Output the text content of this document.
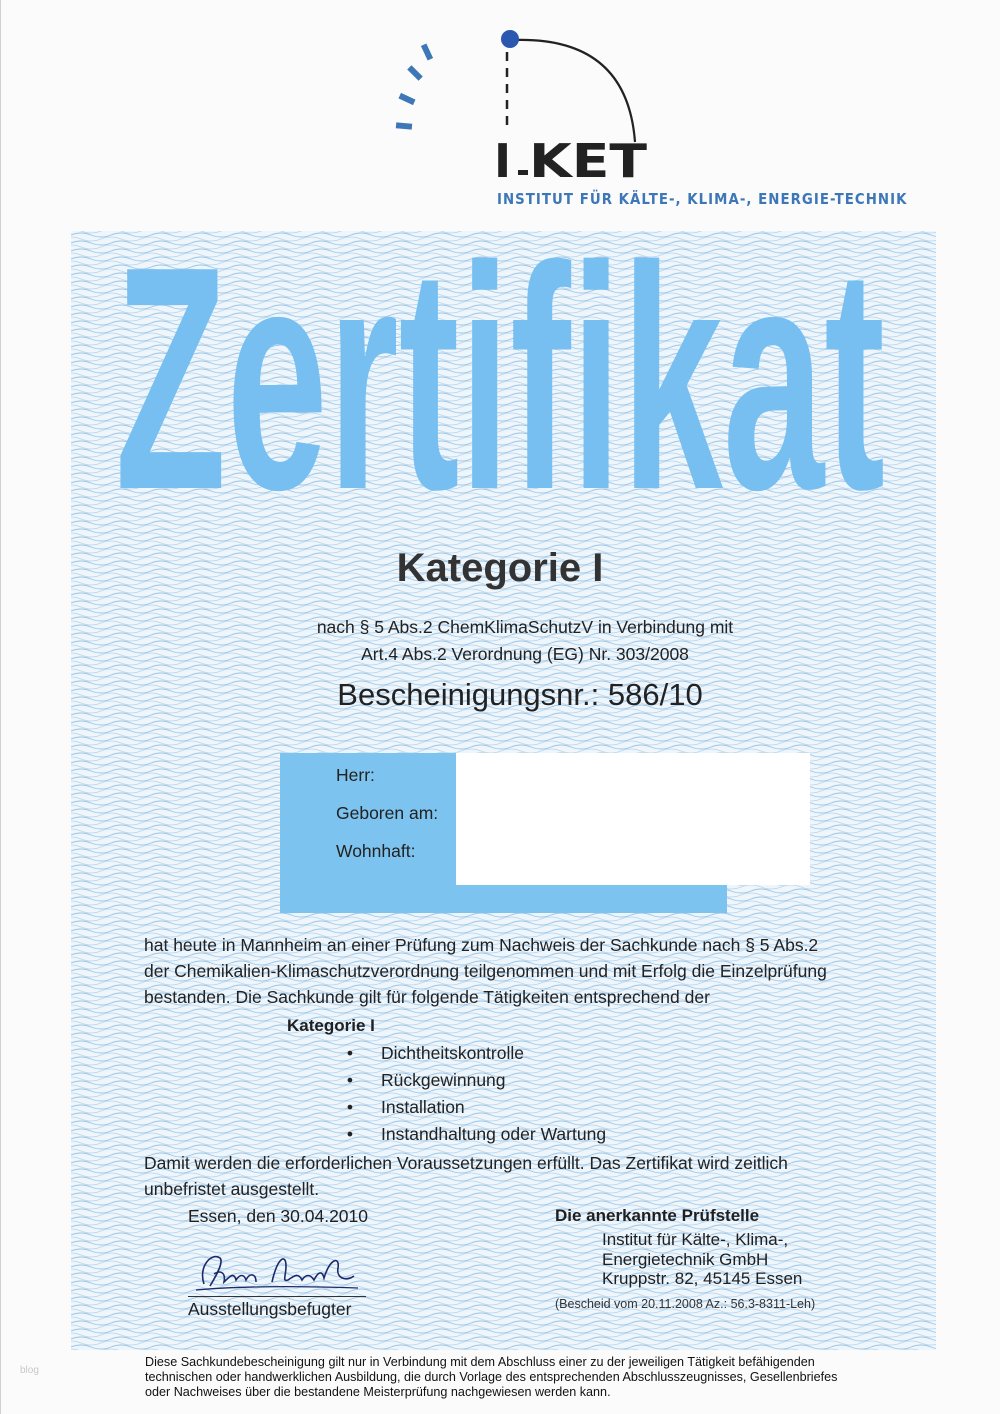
I KET
INSTITUT FÜR KÄLTE-, KLIMA-, ENERGIE-TECHNIK
Zertifikat
Kategorie I
nach § 5 Abs.2 ChemKlimaSchutzV in Verbindung mit
Art.4 Abs.2 Verordnung (EG) Nr. 303/2008
Bescheinigungsnr.: 586/10
Herr:
Geboren am:
Wohnhaft:

hat heute in Mannheim an einer Prüfung zum Nachweis der Sachkunde nach § 5 Abs.2

der Chemikalien-Klimaschutzverordnung teilgenommen und mit Erfolg die Einzelprüfung

bestanden. Die Sachkunde gilt für folgende Tätigkeiten entsprechend der

Kategorie I
• Dichtheitskontrolle
• Rückgewinnung
• Installation
• Instandhaltung oder Wartung

Damit werden die erforderlichen Voraussetzungen erfüllt. Das Zertifikat wird zeitlich

unbefristet ausgestellt.

Essen, den 30.04.2010
Ausstellungsbefugter
Die anerkannte Prüfstelle
Institut für Kälte-, Klima-,
Energietechnik GmbH
Kruppstr. 82, 45145 Essen
(Bescheid vom 20.11.2008 Az.: 56.3-8311-Leh)

Diese Sachkundebescheinigung gilt nur in Verbindung mit dem Abschluss einer zu der jeweiligen Tätigkeit befähigenden

technischen oder handwerklichen Ausbildung, die durch Vorlage des entsprechenden Abschlusszeugnisses, Gesellenbriefes

oder Nachweises über die bestandene Meisterprüfung nachgewiesen werden kann.

blog
